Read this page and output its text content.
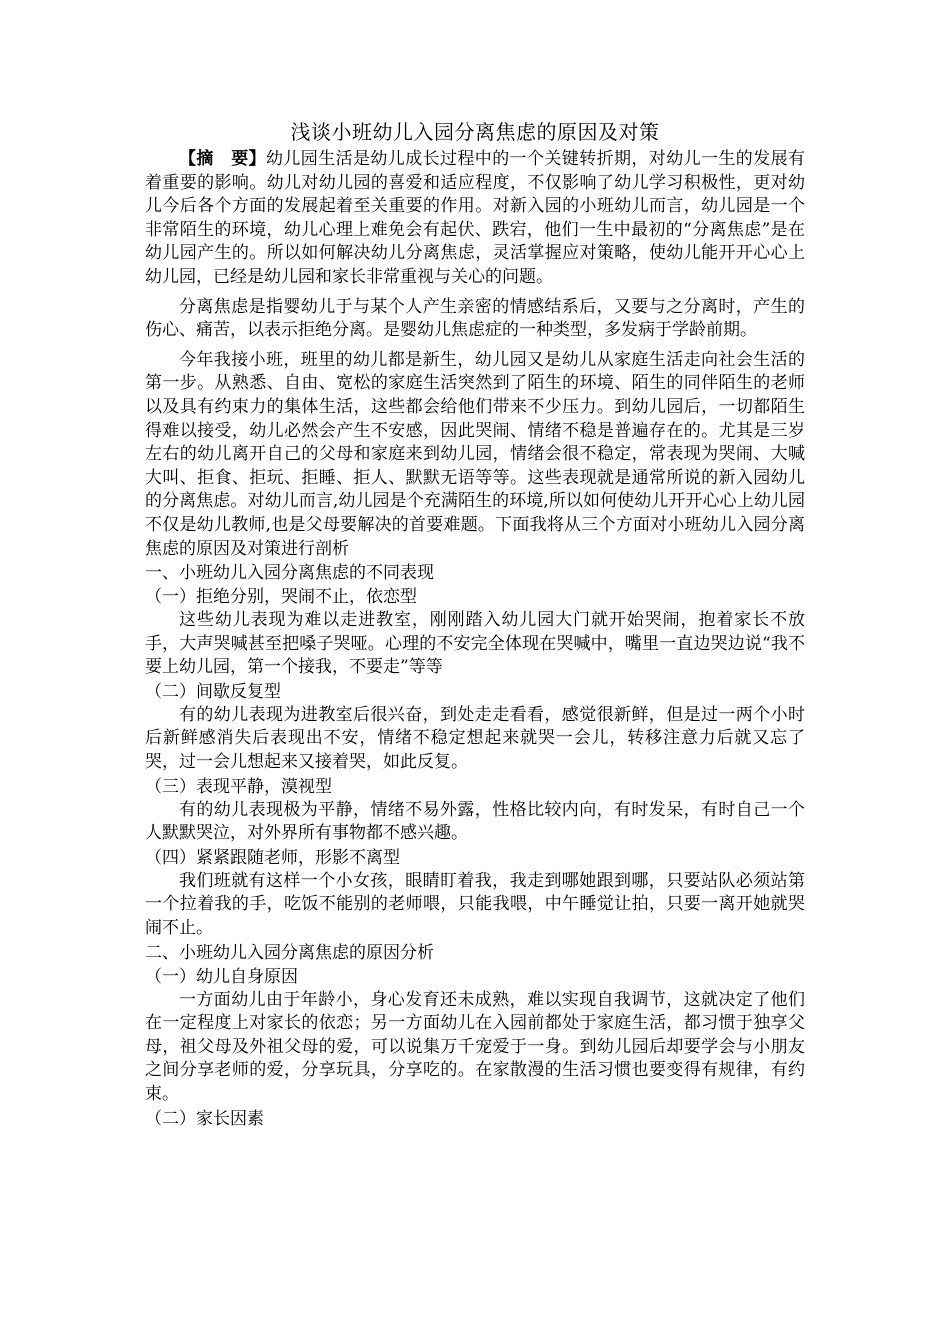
浅谈小班幼儿入园分离焦虑的原因及对策

【摘　要】幼儿园生活是幼儿成长过程中的一个关键转折期，对幼儿一生的发展有着重要的影响。幼儿对幼儿园的喜爱和适应程度，不仅影响了幼儿学习积极性，更对幼儿今后各个方面的发展起着至关重要的作用。对新入园的小班幼儿而言，幼儿园是一个非常陌生的环境，幼儿心理上难免会有起伏、跌宕，他们一生中最初的“分离焦虑”是在幼儿园产生的。所以如何解决幼儿分离焦虑，灵活掌握应对策略，使幼儿能开开心心上幼儿园，已经是幼儿园和家长非常重视与关心的问题。

分离焦虑是指婴幼儿于与某个人产生亲密的情感结系后，又要与之分离时，产生的伤心、痛苦，以表示拒绝分离。是婴幼儿焦虑症的一种类型，多发病于学龄前期。

今年我接小班，班里的幼儿都是新生，幼儿园又是幼儿从家庭生活走向社会生活的第一步。从熟悉、自由、宽松的家庭生活突然到了陌生的环境、陌生的同伴陌生的老师以及具有约束力的集体生活，这些都会给他们带来不少压力。到幼儿园后，一切都陌生得难以接受，幼儿必然会产生不安感，因此哭闹、情绪不稳是普遍存在的。尤其是三岁左右的幼儿离开自己的父母和家庭来到幼儿园，情绪会很不稳定，常表现为哭闹、大喊大叫、拒食、拒玩、拒睡、拒人、默默无语等等。这些表现就是通常所说的新入园幼儿的分离焦虑。对幼儿而言,幼儿园是个充满陌生的环境,所以如何使幼儿开开心心上幼儿园不仅是幼儿教师,也是父母要解决的首要难题。下面我将从三个方面对小班幼儿入园分离焦虑的原因及对策进行剖析

一、小班幼儿入园分离焦虑的不同表现
（一）拒绝分别，哭闹不止，依恋型

这些幼儿表现为难以走进教室，刚刚踏入幼儿园大门就开始哭闹，抱着家长不放手，大声哭喊甚至把嗓子哭哑。心理的不安完全体现在哭喊中，嘴里一直边哭边说“我不要上幼儿园，第一个接我，不要走”等等

（二）间歇反复型

有的幼儿表现为进教室后很兴奋，到处走走看看，感觉很新鲜，但是过一两个小时后新鲜感消失后表现出不安，情绪不稳定想起来就哭一会儿，转移注意力后就又忘了哭，过一会儿想起来又接着哭，如此反复。

（三）表现平静，漠视型

有的幼儿表现极为平静，情绪不易外露，性格比较内向，有时发呆，有时自己一个人默默哭泣，对外界所有事物都不感兴趣。

（四）紧紧跟随老师，形影不离型

我们班就有这样一个小女孩，眼睛盯着我，我走到哪她跟到哪，只要站队必须站第一个拉着我的手，吃饭不能别的老师喂，只能我喂，中午睡觉让拍，只要一离开她就哭闹不止。

二、小班幼儿入园分离焦虑的原因分析
（一）幼儿自身原因

一方面幼儿由于年龄小，身心发育还未成熟，难以实现自我调节，这就决定了他们在一定程度上对家长的依恋；另一方面幼儿在入园前都处于家庭生活，都习惯于独享父母，祖父母及外祖父母的爱，可以说集万千宠爱于一身。到幼儿园后却要学会与小朋友之间分享老师的爱，分享玩具，分享吃的。在家散漫的生活习惯也要变得有规律，有约束。

（二）家长因素
